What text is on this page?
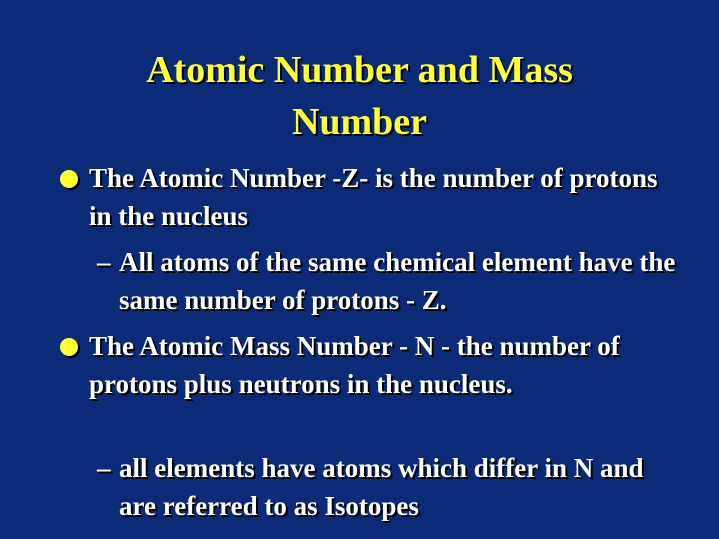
Atomic Number and Mass
Number
The Atomic Number -Z- is the number of protons in the nucleus
– All atoms of the same chemical element have the same number of protons - Z.
The Atomic Mass Number - N - the number of protons plus neutrons in the nucleus.
– all elements have atoms which differ in N and are referred to as Isotopes
